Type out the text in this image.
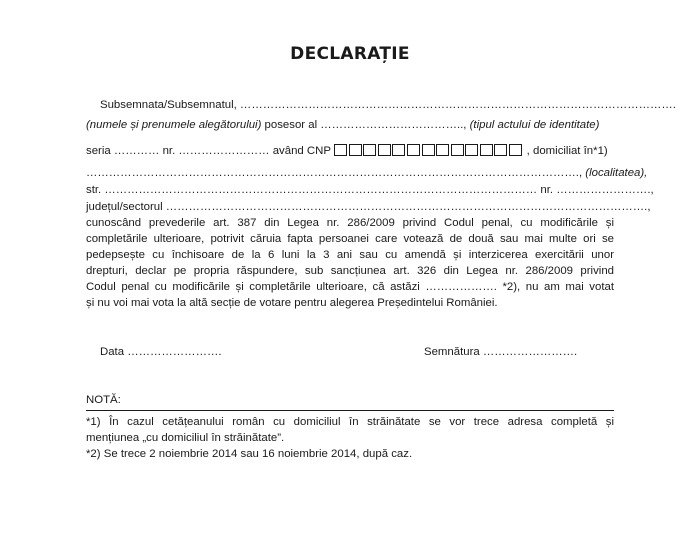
DECLARAȚIE
Subsemnata/Subsemnatul, …………………………………………………………………………………………………….
(numele și prenumele alegătorului) posesor al ……………………………….., (tipul actului de identitate)
seria ………… nr. …………………… având CNP	, domiciliat în*1)
…………………………………………………………………………………………………………………., (localitatea),
str. …………………………………………………………………………………………………… nr. …………………….,
județul/sectorul ……………………………………………………………………………………………………………….,
cunoscând prevederile art. 387 din Legea nr. 286/2009 privind Codul penal, cu modificările și
completările ulterioare, potrivit căruia fapta persoanei care votează de două sau mai multe ori se
pedepsește cu închisoare de la 6 luni la 3 ani sau cu amendă și interzicerea exercitării unor
drepturi, declar pe propria răspundere, sub sancțiunea art. 326 din Legea nr. 286/2009 privind
Codul penal cu modificările și completările ulterioare, că astăzi ………………. *2), nu am mai votat
și nu voi mai vota la altă secție de votare pentru alegerea Președintelui României.
Data …………………….	Semnătura …………………….
NOTĂ:
*1) În cazul cetățeanului român cu domiciliul în străinătate se vor trece adresa completă și
mențiunea „cu domiciliul în străinătate”.
*2) Se trece 2 noiembrie 2014 sau 16 noiembrie 2014, după caz.
